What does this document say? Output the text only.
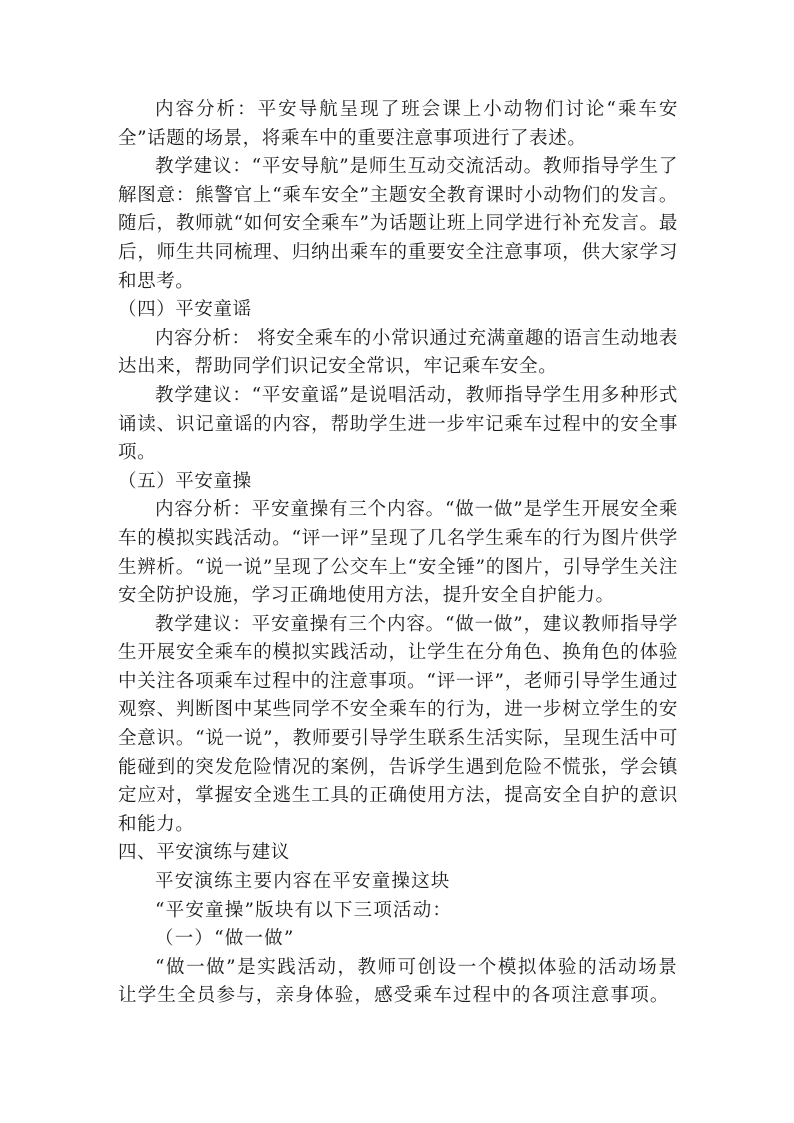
内容分析：平安导航呈现了班会课上小动物们讨论“乘车安全”话题的场景，将乘车中的重要注意事项进行了表述。

教学建议：“平安导航”是师生互动交流活动。教师指导学生了解图意：熊警官上“乘车安全”主题安全教育课时小动物们的发言。随后，教师就“如何安全乘车”为话题让班上同学进行补充发言。最后，师生共同梳理、归纳出乘车的重要安全注意事项，供大家学习和思考。

（四）平安童谣

内容分析： 将安全乘车的小常识通过充满童趣的语言生动地表达出来，帮助同学们识记安全常识，牢记乘车安全。

教学建议：“平安童谣”是说唱活动，教师指导学生用多种形式诵读、识记童谣的内容，帮助学生进一步牢记乘车过程中的安全事项。

（五）平安童操

内容分析：平安童操有三个内容。“做一做”是学生开展安全乘车的模拟实践活动。“评一评”呈现了几名学生乘车的行为图片供学生辨析。“说一说”呈现了公交车上“安全锤”的图片，引导学生关注安全防护设施，学习正确地使用方法，提升安全自护能力。

教学建议：平安童操有三个内容。“做一做”，建议教师指导学生开展安全乘车的模拟实践活动，让学生在分角色、换角色的体验中关注各项乘车过程中的注意事项。“评一评”，老师引导学生通过观察、判断图中某些同学不安全乘车的行为，进一步树立学生的安全意识。“说一说”，教师要引导学生联系生活实际，呈现生活中可能碰到的突发危险情况的案例，告诉学生遇到危险不慌张，学会镇定应对，掌握安全逃生工具的正确使用方法，提高安全自护的意识和能力。

四、平安演练与建议

平安演练主要内容在平安童操这块

“平安童操”版块有以下三项活动：

（一）“做一做”

“做一做”是实践活动，教师可创设一个模拟体验的活动场景让学生全员参与，亲身体验，感受乘车过程中的各项注意事项。
